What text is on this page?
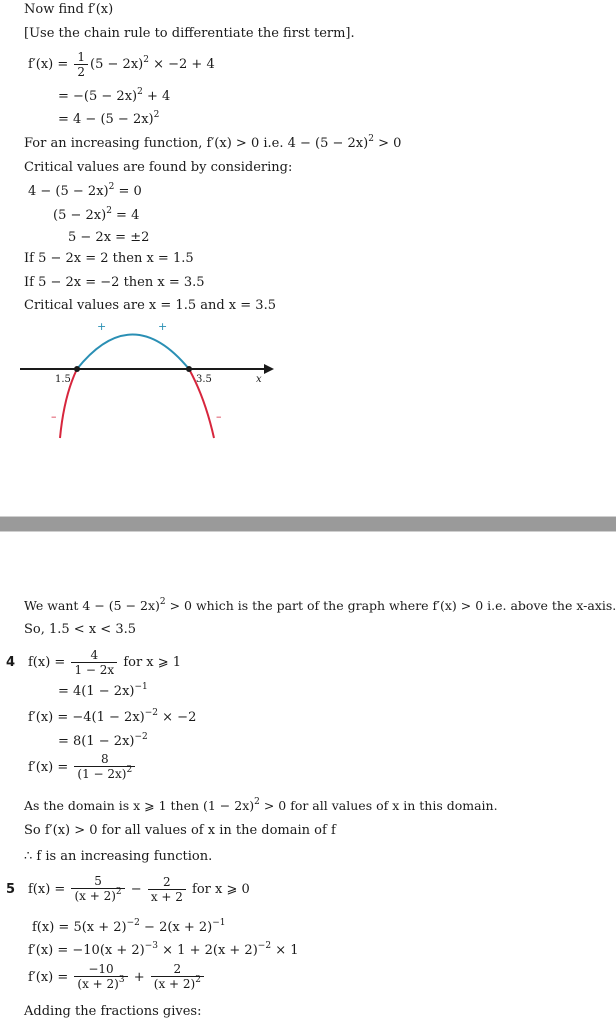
Now find f′(x)
[Use the chain rule to differentiate the first term].
$f'(x) = \frac{1}{2} (5 - 2x)^2 \times -2 + 4$
= $-(5 - 2x)^2 + 4$
= $4 - (5 - 2x)^2$
For an increasing function, f′(x) > 0 i.e. $4 - (5 - 2x)^2 > 0$
Critical values are found by considering:
$4 - (5 - 2x)^2 = 0$
$(5 - 2x)^2 = 4$
5 − 2x = ±2
If 5 − 2x = 2 then x = 1.5
If 5 − 2x = −2 then x = 3.5
Critical values are x = 1.5 and x = 3.5
+	+
–	–
1.5	3.5	x
We want $4 - (5 - 2x)^2 > 0$ which is the part of the graph where f′(x) > 0 i.e. above the x-axis.
So, 1.5 < x < 3.5
4 $f(x) = \frac{4}{1 - 2x}$ for x ⩾ 1
= $4(1 - 2x)^{-1}$
$f'(x) = -4(1 - 2x)^{-2} \times -2$
= $8(1 - 2x)^{-2}$
$f'(x) = \frac{8}{(1 - 2x)^2}$
As the domain is x ⩾ 1 then $(1 - 2x)^2 > 0$ for all values of x in this domain.
So f′(x) > 0 for all values of x in the domain of f
∴ f is an increasing function.
5 $f(x) = \frac{5}{(x + 2)^2} - \frac{2}{x + 2}$ for x ⩾ 0
$f(x) = 5(x + 2)^{-2} - 2(x + 2)^{-1}$
$f'(x) = -10(x + 2)^{-3} \times 1 + 2(x + 2)^{-2} \times 1$
$f'(x) = \frac{-10}{(x + 2)^3} + \frac{2}{(x + 2)^2}$
Adding the fractions gives:
